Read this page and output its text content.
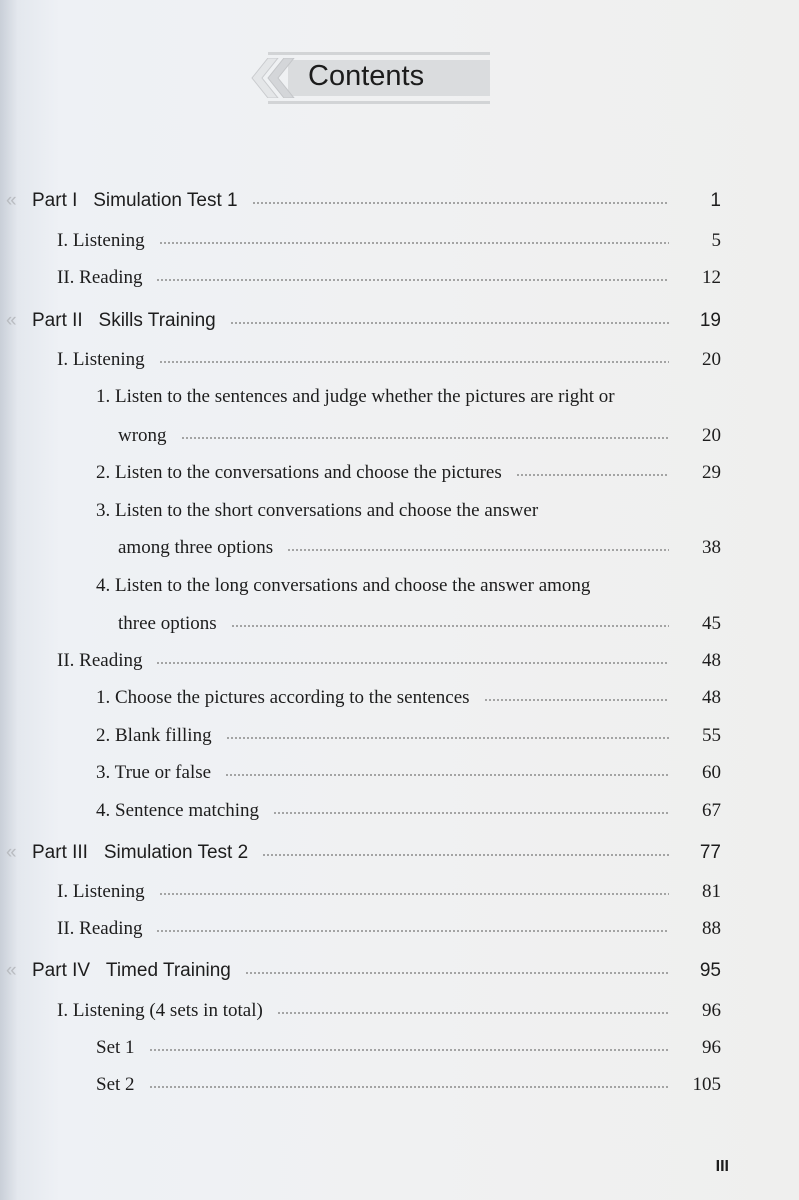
Contents
« Part I Simulation Test 1	1
I. Listening	5
II. Reading	12
« Part II Skills Training	19
I. Listening	20
1. Listen to the sentences and judge whether the pictures are right or
wrong	20
2. Listen to the conversations and choose the pictures	29
3. Listen to the short conversations and choose the answer
among three options	38
4. Listen to the long conversations and choose the answer among
three options	45
II. Reading	48
1. Choose the pictures according to the sentences	48
2. Blank filling	55
3. True or false	60
4. Sentence matching	67
« Part III Simulation Test 2	77
I. Listening	81
II. Reading	88
« Part IV Timed Training	95
I. Listening (4 sets in total)	96
Set 1	96
Set 2	105
III
